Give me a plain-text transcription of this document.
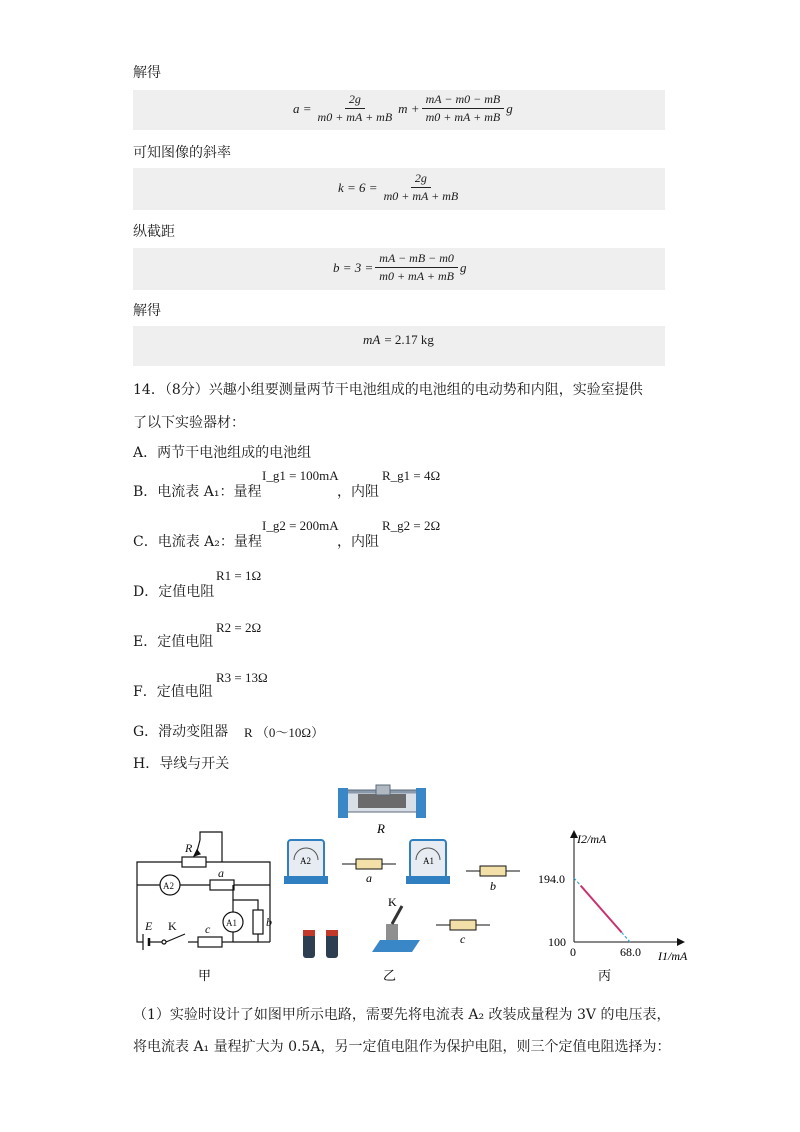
解得
$a = \frac{2g}{m0 + mA + mB}$ $m + \frac{mA - m0 - mB}{m0 + mA + mB}$ g
可知图像的斜率
$k = 6 = \frac{2g}{m0 + mA + mB}$
纵截距
$b = 3 = \frac{mA - mB - m0}{m0 + mA + mB}$ g
解得
mA = 2.17 kg
14．（8分）兴趣小组要测量两节干电池组成的电池组的电动势和内阻，实验室提供
了以下实验器材：
A．两节干电池组成的电池组
B．电流表 A₁：量程
I_g1 = 100mA
，内阻
R_g1 = 4Ω
C．电流表 A₂：量程
I_g2 = 200mA
，内阻
R_g2 = 2Ω
D．定值电阻
R1 = 1Ω
E．定值电阻
R2 = 2Ω
F．定值电阻
R3 = 13Ω
G．滑动变阻器 R （0～10Ω）
H．导线与开关
R
R
A2
a
A1 b
c
E K
A2
a
A1
b
K
c
甲	乙	丙
I2/mA
I1/mA
194.0
100
0	68.0
（1）实验时设计了如图甲所示电路，需要先将电流表 A₂ 改装成量程为 3V 的电压表，
将电流表 A₁ 量程扩大为 0.5A，另一定值电阻作为保护电阻，则三个定值电阻选择为：
